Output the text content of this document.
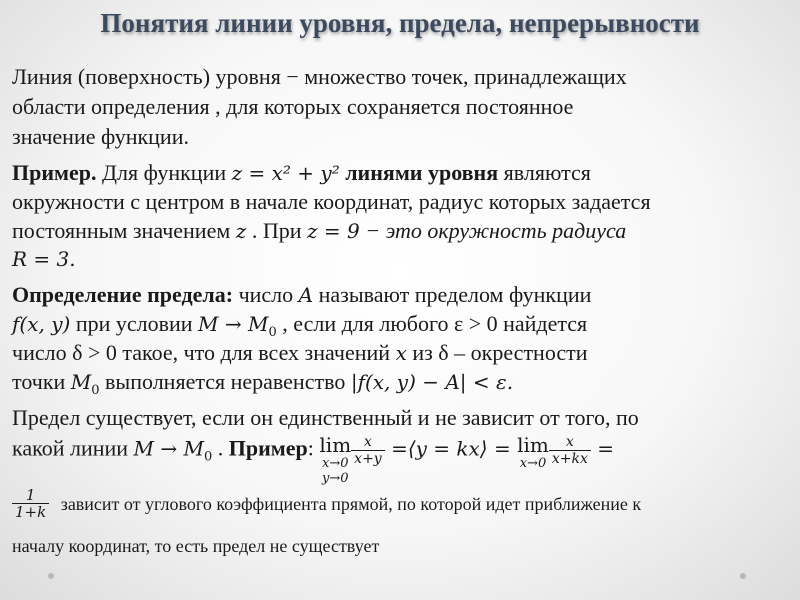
Понятия линии уровня, предела, непрерывности
Линия (поверхность) уровня − множество точек, принадлежащих
области определения , для которых сохраняется постоянное
значение функции.
Пример. Для функции z = x² + y² линями уровня являются
окружности с центром в начале координат, радиус которых задается
постоянным значением z . При z = 9 − это окружность радиуса
R = 3.
Определение предела: число A называют пределом функции
f(x, y) при условии $M \to M_0$ , если для любого ε > 0 найдется
число δ > 0 такое, что для всех значений x из δ – окрестности
точки $M_0$ выполняется неравенство |f(x, y) − A| < ε.
Предел существует, если он единственный и не зависит от того, по
какой линии $M \to M_0$ . Пример: lim
x→0
y→0
$\frac{x}{x+y}$ =⟨y = kx⟩ = lim
$x\to 0 \frac{x}{x+kx}$ =
$\frac{1}{1+k}$ зависит от углового коэффициента прямой, по которой идет приближение к
началу координат, то есть предел не существует
